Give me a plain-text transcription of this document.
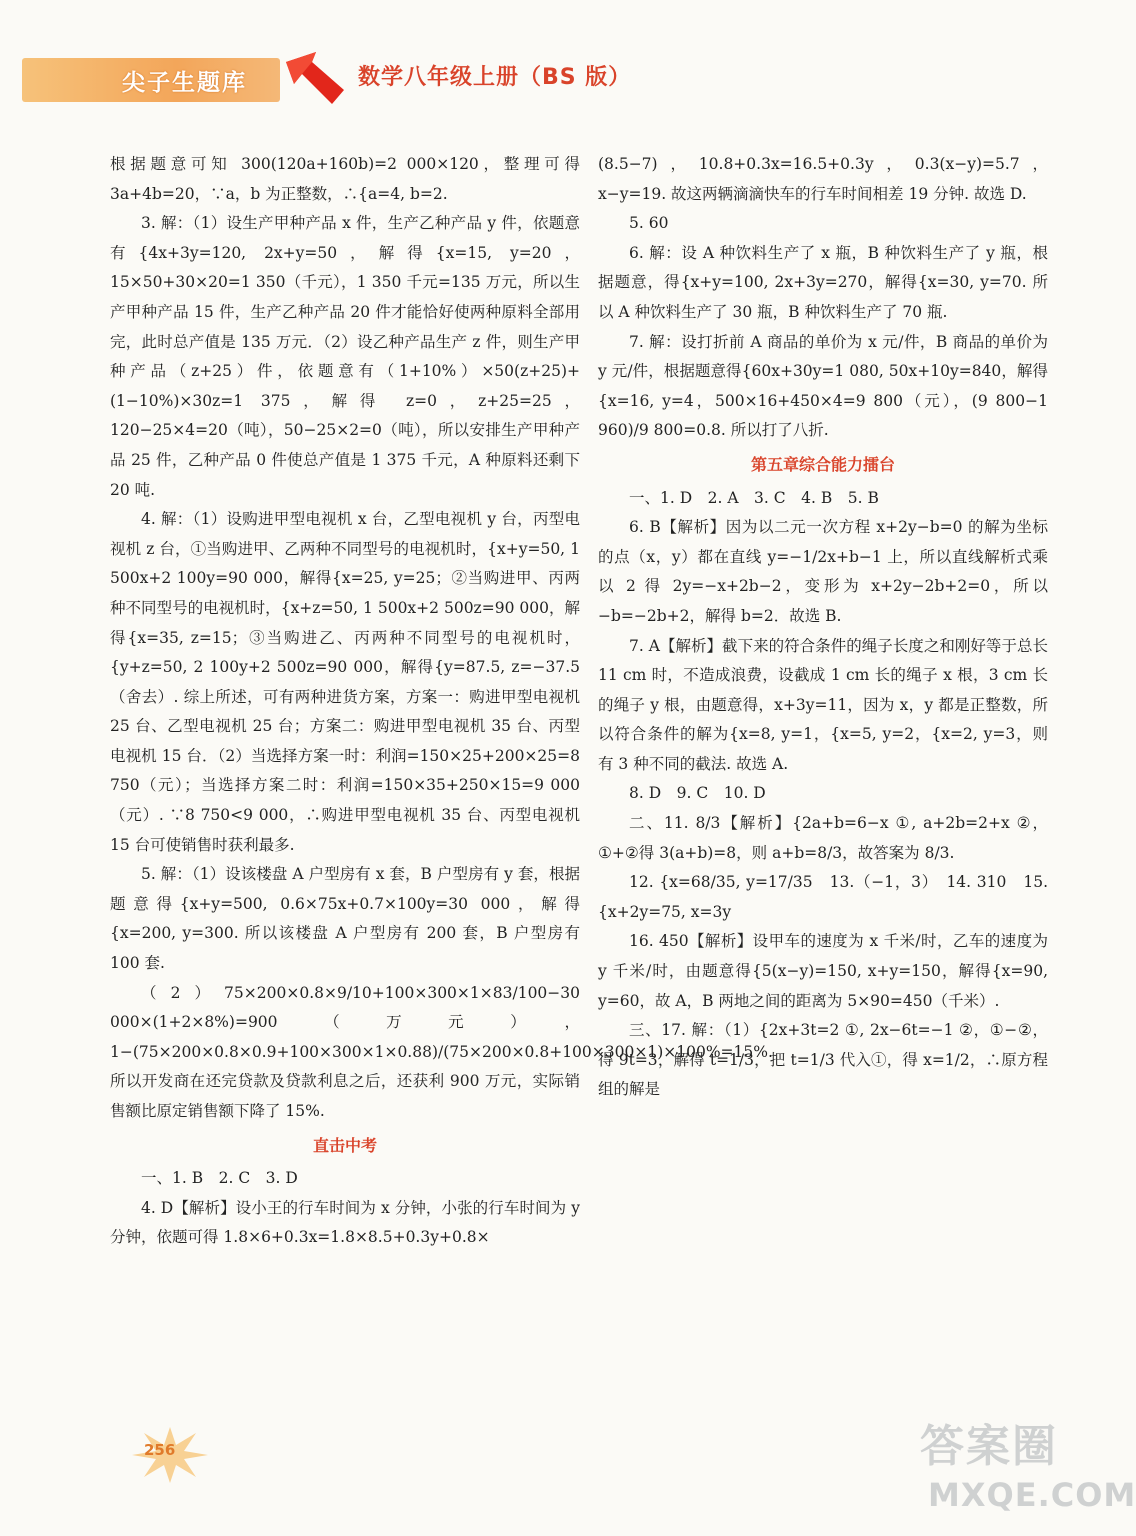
尖子生题库	数学八年级上册（BS 版）

根据题意可知 300(120a+160b)=2 000×120，整理可得 3a+4b=20，∵a，b 为正整数，∴{a=4, b=2.

3. 解：（1）设生产甲种产品 x 件，生产乙种产品 y 件，依题意有{4x+3y=120, 2x+y=50，解得{x=15, y=20，15×50+30×20=1 350（千元），1 350 千元=135 万元，所以生产甲种产品 15 件，生产乙种产品 20 件才能恰好使两种原料全部用完，此时总产值是 135 万元．（2）设乙种产品生产 z 件，则生产甲种产品（z+25）件，依题意有（1+10%）×50(z+25)+(1−10%)×30z=1 375，解得 z=0，z+25=25，120−25×4=20（吨），50−25×2=0（吨），所以安排生产甲种产品 25 件，乙种产品 0 件使总产值是 1 375 千元，A 种原料还剩下 20 吨.

4. 解：（1）设购进甲型电视机 x 台，乙型电视机 y 台，丙型电视机 z 台，①当购进甲、乙两种不同型号的电视机时，{x+y=50, 1 500x+2 100y=90 000，解得{x=25, y=25；②当购进甲、丙两种不同型号的电视机时，{x+z=50, 1 500x+2 500z=90 000，解得{x=35, z=15；③当购进乙、丙两种不同型号的电视机时，{y+z=50, 2 100y+2 500z=90 000，解得{y=87.5, z=−37.5（舍去）. 综上所述，可有两种进货方案，方案一：购进甲型电视机 25 台、乙型电视机 25 台；方案二：购进甲型电视机 35 台、丙型电视机 15 台．（2）当选择方案一时：利润=150×25+200×25=8 750（元）；当选择方案二时：利润=150×35+250×15=9 000（元）. ∵8 750<9 000，∴购进甲型电视机 35 台、丙型电视机 15 台可使销售时获利最多.

5. 解：（1）设该楼盘 A 户型房有 x 套，B 户型房有 y 套，根据题意得{x+y=500, 0.6×75x+0.7×100y=30 000，解得{x=200, y=300. 所以该楼盘 A 户型房有 200 套，B 户型房有 100 套.

（2）75×200×0.8×9/10+100×300×1×83/100−30 000×(1+2×8%)=900（万元），1−(75×200×0.8×0.9+100×300×1×0.88)/(75×200×0.8+100×300×1)×100%=15%. 所以开发商在还完贷款及贷款利息之后，还获利 900 万元，实际销售额比原定销售额下降了 15%.

直击中考

一、1. B　2. C　3. D

4. D【解析】设小王的行车时间为 x 分钟，小张的行车时间为 y 分钟，依题可得 1.8×6+0.3x=1.8×8.5+0.3y+0.8×

(8.5−7)，10.8+0.3x=16.5+0.3y，0.3(x−y)=5.7，x−y=19. 故这两辆滴滴快车的行车时间相差 19 分钟. 故选 D.

5. 60

6. 解：设 A 种饮料生产了 x 瓶，B 种饮料生产了 y 瓶，根据题意，得{x+y=100, 2x+3y=270，解得{x=30, y=70. 所以 A 种饮料生产了 30 瓶，B 种饮料生产了 70 瓶.

7. 解：设打折前 A 商品的单价为 x 元/件，B 商品的单价为 y 元/件，根据题意得{60x+30y=1 080, 50x+10y=840，解得{x=16, y=4，500×16+450×4=9 800（元），(9 800−1 960)/9 800=0.8. 所以打了八折.

第五章综合能力擂台

一、1. D　2. A　3. C　4. B　5. B

6. B【解析】因为以二元一次方程 x+2y−b=0 的解为坐标的点（x，y）都在直线 y=−1/2x+b−1 上，所以直线解析式乘以 2 得 2y=−x+2b−2，变形为 x+2y−2b+2=0，所以−b=−2b+2，解得 b=2．故选 B.

7. A【解析】截下来的符合条件的绳子长度之和刚好等于总长 11 cm 时，不造成浪费，设截成 1 cm 长的绳子 x 根，3 cm 长的绳子 y 根，由题意得，x+3y=11，因为 x，y 都是正整数，所以符合条件的解为{x=8, y=1，{x=5, y=2，{x=2, y=3，则有 3 种不同的截法. 故选 A.

8. D　9. C　10. D

二、11. 8/3【解析】{2a+b=6−x ①, a+2b=2+x ②，①+②得 3(a+b)=8，则 a+b=8/3，故答案为 8/3.

12. {x=68/35, y=17/35　13.（−1，3）　14. 310　15. {x+2y=75, x=3y

16. 450【解析】设甲车的速度为 x 千米/时，乙车的速度为 y 千米/时，由题意得{5(x−y)=150, x+y=150，解得{x=90, y=60，故 A，B 两地之间的距离为 5×90=450（千米）.

三、17. 解：（1）{2x+3t=2 ①, 2x−6t=−1 ②，①−②，得 9t=3，解得 t=1/3，把 t=1/3 代入①，得 x=1/2，∴原方程组的解是

256	答案圈
MXQE.COM
